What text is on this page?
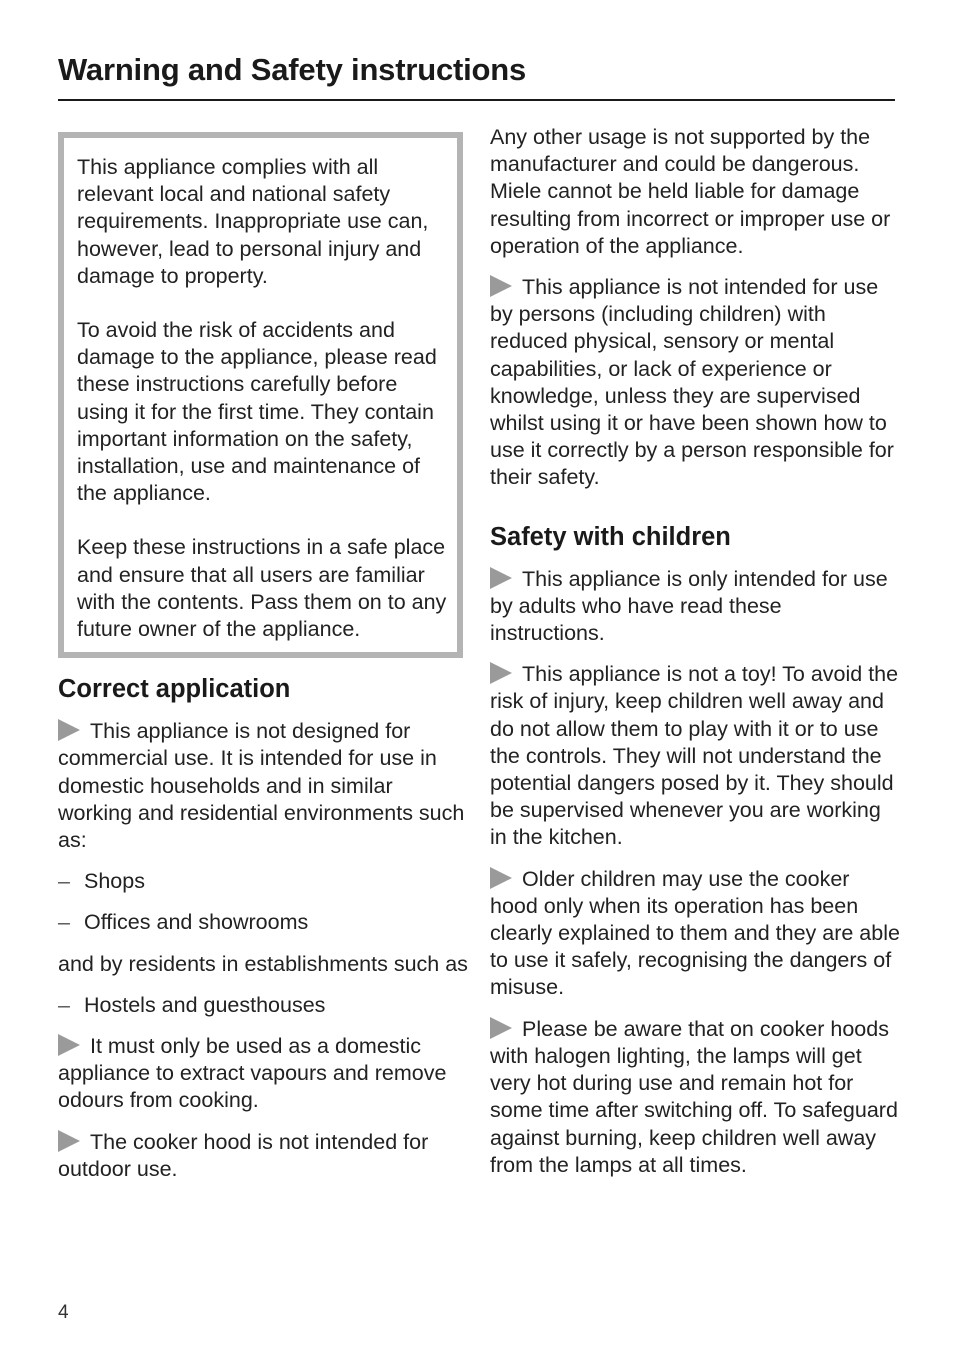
Warning and Safety instructions

This appliance complies with all relevant local and national safety requirements. Inappropriate use can, however, lead to personal injury and damage to property.

To avoid the risk of accidents and damage to the appliance, please read these instructions carefully before using it for the first time. They contain important information on the safety, installation, use and maintenance of the appliance.

Keep these instructions in a safe place and ensure that all users are familiar with the contents. Pass them on to any future owner of the appliance.

Correct application

This appliance is not designed for commercial use. It is intended for use in domestic households and in similar working and residential environments such as:

– Shops

– Offices and showrooms

and by residents in establishments such as

– Hostels and guesthouses

It must only be used as a domestic appliance to extract vapours and remove odours from cooking.

The cooker hood is not intended for outdoor use.

Any other usage is not supported by the manufacturer and could be dangerous. Miele cannot be held liable for damage resulting from incorrect or improper use or operation of the appliance.

This appliance is not intended for use by persons (including children) with reduced physical, sensory or mental capabilities, or lack of experience or knowledge, unless they are supervised whilst using it or have been shown how to use it correctly by a person responsible for their safety.

Safety with children

This appliance is only intended for use by adults who have read these instructions.

This appliance is not a toy! To avoid the risk of injury, keep children well away and do not allow them to play with it or to use the controls. They will not understand the potential dangers posed by it. They should be supervised whenever you are working in the kitchen.

Older children may use the cooker hood only when its operation has been clearly explained to them and they are able to use it safely, recognising the dangers of misuse.

Please be aware that on cooker hoods with halogen lighting, the lamps will get very hot during use and remain hot for some time after switching off. To safeguard against burning, keep children well away from the lamps at all times.

4
